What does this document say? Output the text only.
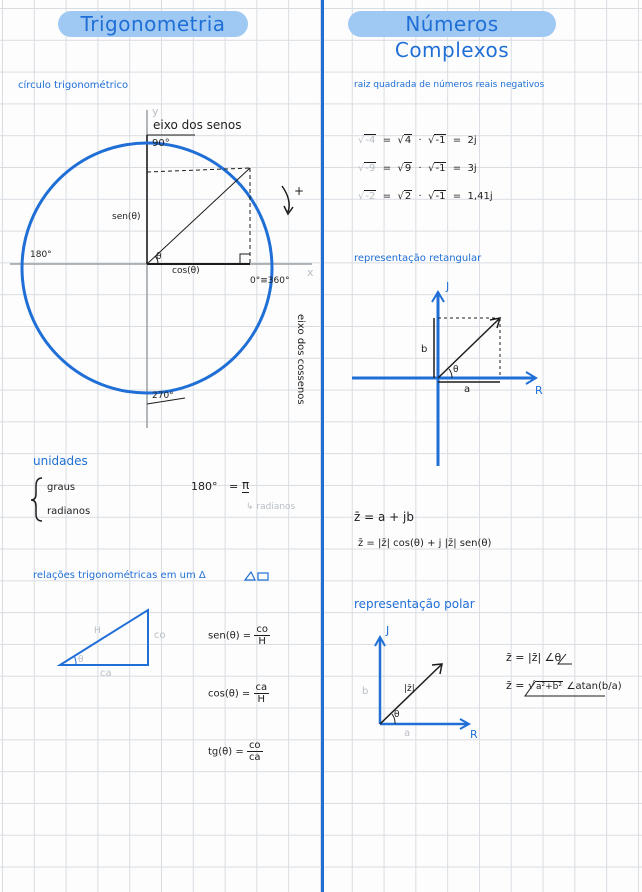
Trigonometria	Números Complexos
círculo trigonométrico
y
eixo dos senos
90°
+
sen(θ)
180°	θ
cos(θ)	x
0°≡360°
eixo dos cossenos
270°
unidades
graus
radianos
180° = π
↳ radianos
relações trigonométricas em um Δ
H	co
θ
ca
$sen(\theta) = \frac{co}{H}$
$\cos(\theta) = \frac{ca}{H}$
$tg(\theta) = \frac{co}{ca}$
raiz quadrada de números reais negativos
√-4  =  √4  ·  √-1  =  2j
√-9  =  √9  ·  √-1  =  3j
√-2  =  √2  ·  √-1  =  1,41j
representação retangular
J
R
b
θ
a
z̄ = a + jb
z̄ = |z̄| cos(θ) + j |z̄| sen(θ)
representação polar
J
R
|z̄|
b
θ
a
z̄ = |z̄| ∠θ
z̄ = √a²+b² ∠atan(b/a)
